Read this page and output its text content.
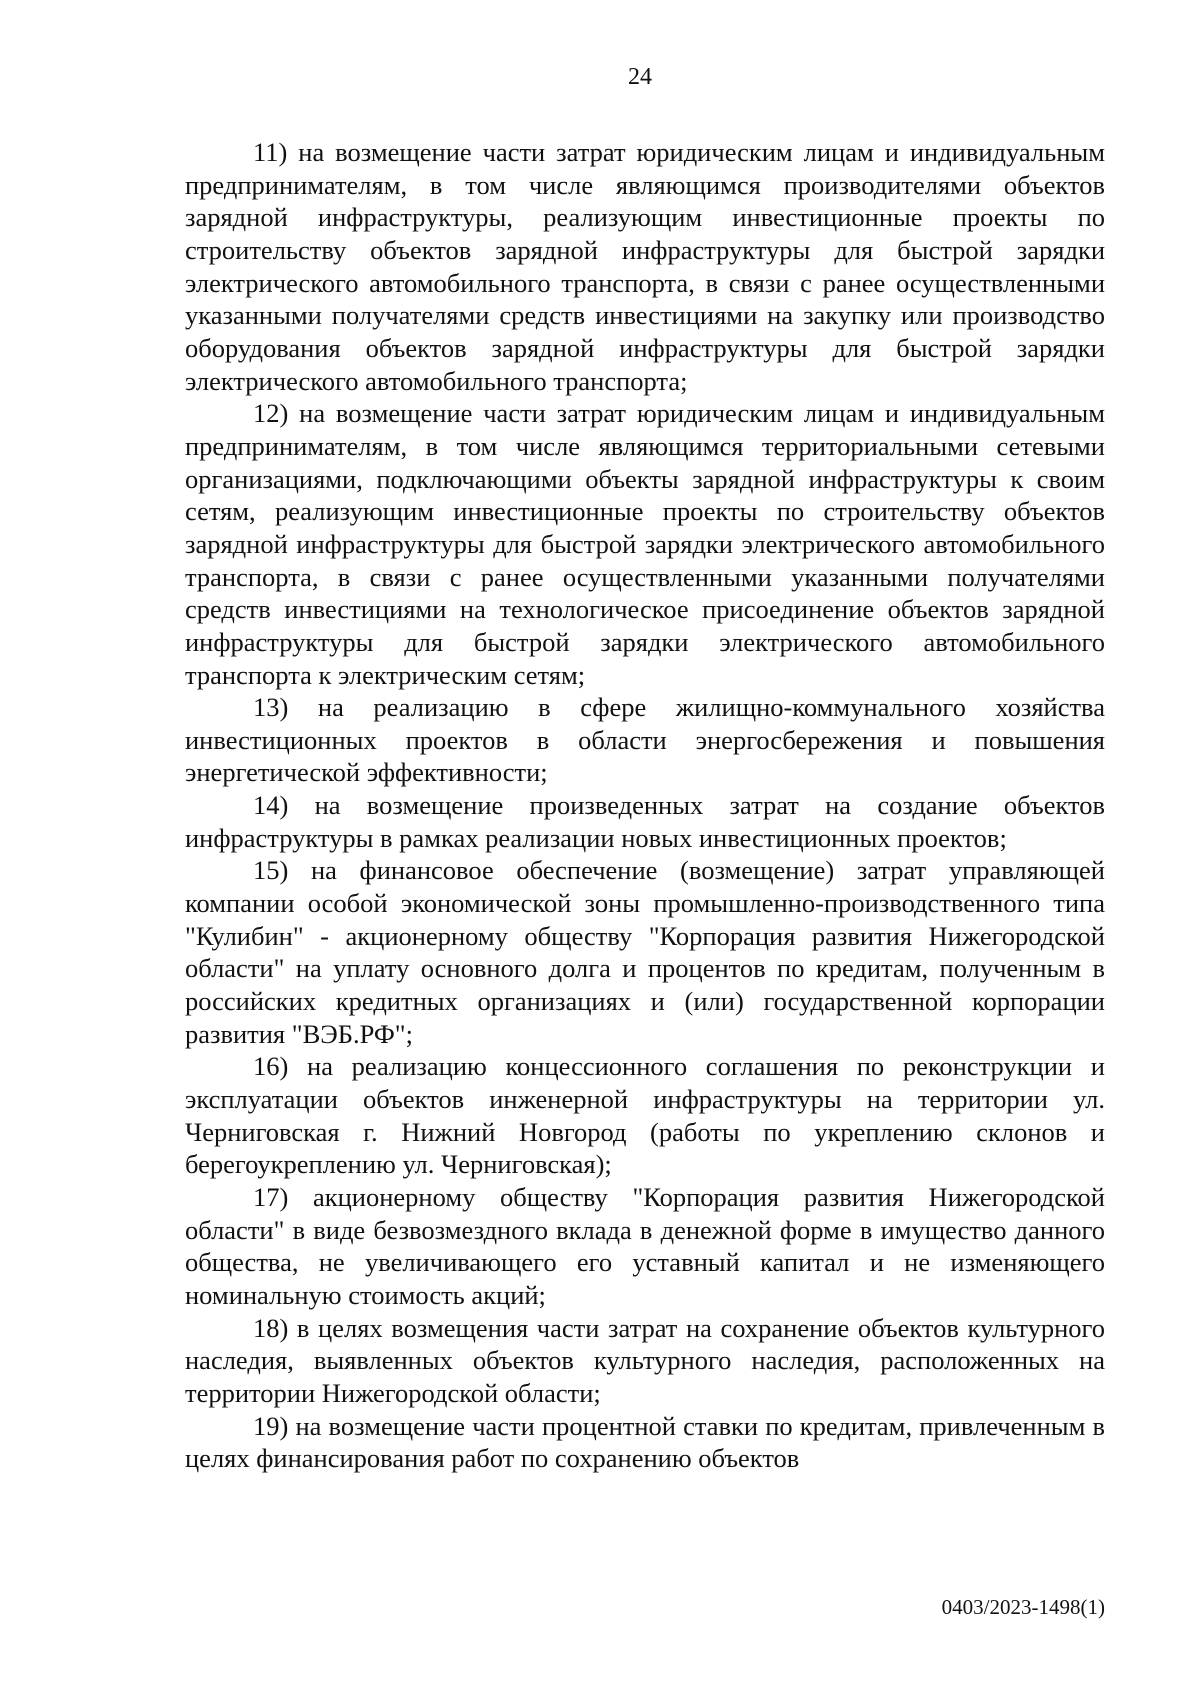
24

11) на возмещение части затрат юридическим лицам и индивидуальным предпринимателям, в том числе являющимся производителями объектов зарядной инфраструктуры, реализующим инвестиционные проекты по строительству объектов зарядной инфраструктуры для быстрой зарядки электрического автомобильного транспорта, в связи с ранее осуществленными указанными получателями средств инвестициями на закупку или производство оборудования объектов зарядной инфраструктуры для быстрой зарядки электрического автомобильного транспорта;

12) на возмещение части затрат юридическим лицам и индивидуальным предпринимателям, в том числе являющимся территориальными сетевыми организациями, подключающими объекты зарядной инфраструктуры к своим сетям, реализующим инвестиционные проекты по строительству объектов зарядной инфраструктуры для быстрой зарядки электрического автомобильного транспорта, в связи с ранее осуществленными указанными получателями средств инвестициями на технологическое присоединение объектов зарядной инфраструктуры для быстрой зарядки электрического автомобильного транспорта к электрическим сетям;

13) на реализацию в сфере жилищно-коммунального хозяйства инвестиционных проектов в области энергосбережения и повышения энергетической эффективности;

14) на возмещение произведенных затрат на создание объектов инфраструктуры в рамках реализации новых инвестиционных проектов;

15) на финансовое обеспечение (возмещение) затрат управляющей компании особой экономической зоны промышленно-производственного типа "Кулибин" - акционерному обществу "Корпорация развития Нижегородской области" на уплату основного долга и процентов по кредитам, полученным в российских кредитных организациях и (или) государственной корпорации развития "ВЭБ.РФ";

16) на реализацию концессионного соглашения по реконструкции и эксплуатации объектов инженерной инфраструктуры на территории ул. Черниговская г. Нижний Новгород (работы по укреплению склонов и берегоукреплению ул. Черниговская);

17) акционерному обществу "Корпорация развития Нижегородской области" в виде безвозмездного вклада в денежной форме в имущество данного общества, не увеличивающего его уставный капитал и не изменяющего номинальную стоимость акций;

18) в целях возмещения части затрат на сохранение объектов культурного наследия, выявленных объектов культурного наследия, расположенных на территории Нижегородской области;

19) на возмещение части процентной ставки по кредитам, привлеченным в целях финансирования работ по сохранению объектов

0403/2023-1498(1)
